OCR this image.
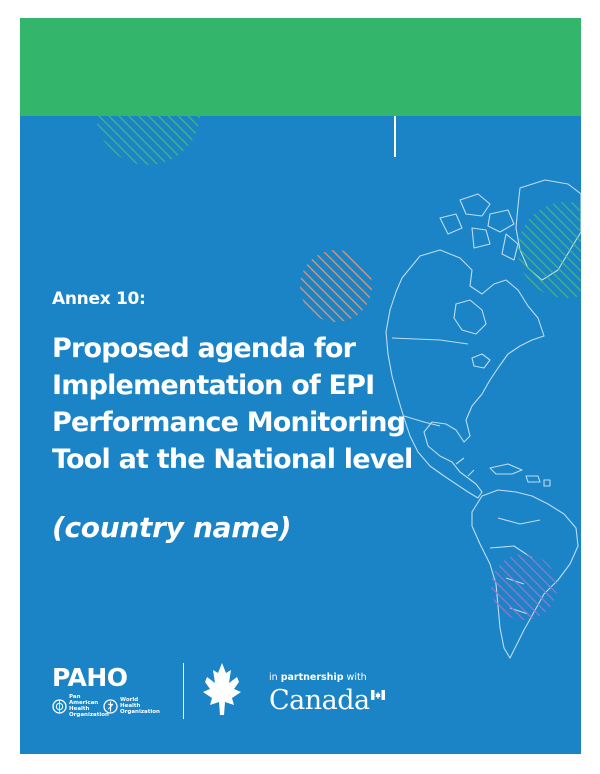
Annex 10:
Proposed agenda for
Implementation of EPI
Performance Monitoring
Tool at the National level
(country name)
PAHO
Pan American Health Organization
World Health Organization
in partnership with
Canada
